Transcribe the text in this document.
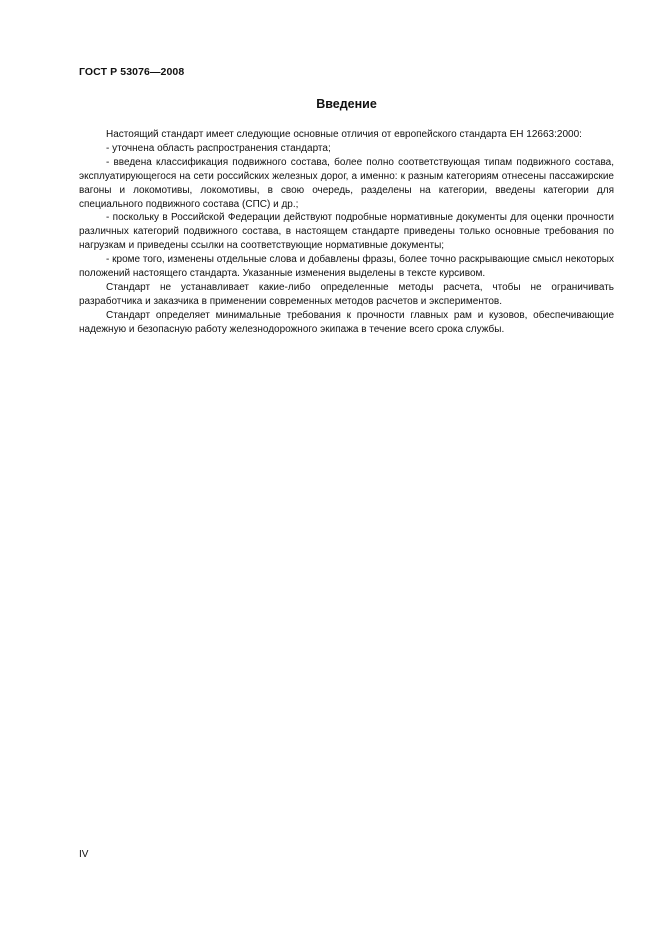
ГОСТ Р 53076—2008
Введение

Настоящий стандарт имеет следующие основные отличия от европейского стандарта ЕН 12663:2000:

- уточнена область распространения стандарта;

- введена классификация подвижного состава, более полно соответствующая типам подвижного состава, эксплуатирующегося на сети российских железных дорог, а именно: к разным категориям отнесены пассажирские вагоны и локомотивы, локомотивы, в свою очередь, разделены на категории, введены категории для специального подвижного состава (СПС) и др.;

- поскольку в Российской Федерации действуют подробные нормативные документы для оценки прочности различных категорий подвижного состава, в настоящем стандарте приведены только основные требования по нагрузкам и приведены ссылки на соответствующие нормативные документы;

- кроме того, изменены отдельные слова и добавлены фразы, более точно раскрывающие смысл некоторых положений настоящего стандарта. Указанные изменения выделены в тексте курсивом.

Стандарт не устанавливает какие-либо определенные методы расчета, чтобы не ограничивать разработчика и заказчика в применении современных методов расчетов и экспериментов.

Стандарт определяет минимальные требования к прочности главных рам и кузовов, обеспечивающие надежную и безопасную работу железнодорожного экипажа в течение всего срока службы.

IV
